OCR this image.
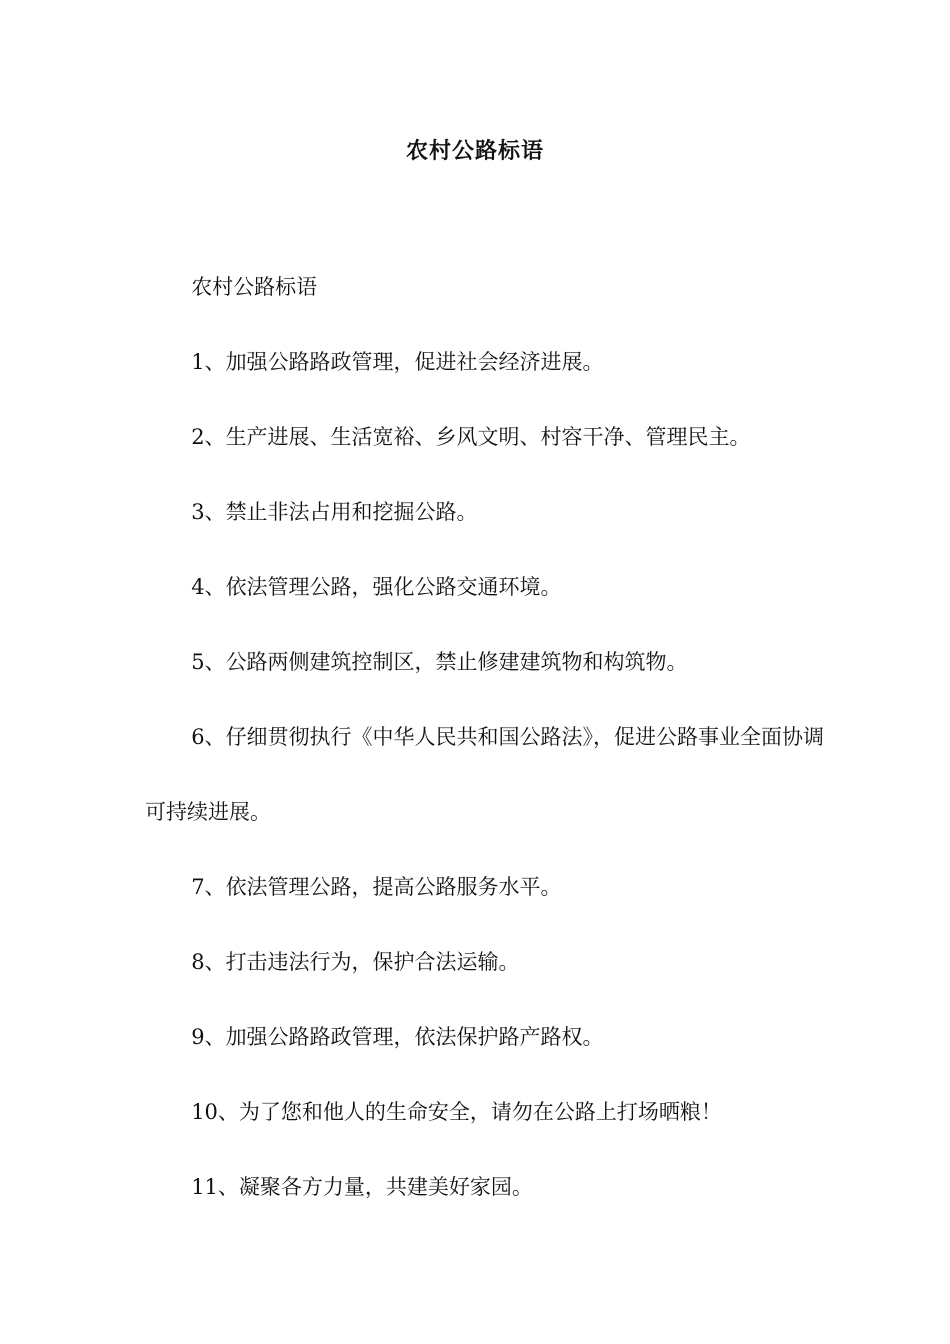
农村公路标语

农村公路标语

1、加强公路路政管理，促进社会经济进展。

2、生产进展、生活宽裕、乡风文明、村容干净、管理民主。

3、禁止非法占用和挖掘公路。

4、依法管理公路，强化公路交通环境。

5、公路两侧建筑控制区，禁止修建建筑物和构筑物。

6、仔细贯彻执行《中华人民共和国公路法》，促进公路事业全面协调可持续进展。

7、依法管理公路，提高公路服务水平。

8、打击违法行为，保护合法运输。

9、加强公路路政管理，依法保护路产路权。

10、为了您和他人的生命安全，请勿在公路上打场晒粮！

11、凝聚各方力量，共建美好家园。
